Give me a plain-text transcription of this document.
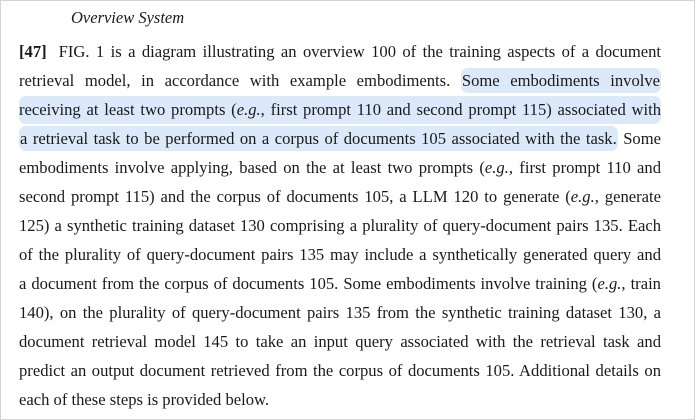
Overview System
[47] FIG. 1 is a diagram illustrating an overview 100 of the training aspects of a document
retrieval model, in accordance with example embodiments. Some embodiments involve
receiving at least two prompts (e.g., first prompt 110 and second prompt 115) associated with
a retrieval task to be performed on a corpus of documents 105 associated with the task. Some
embodiments involve applying, based on the at least two prompts (e.g., first prompt 110 and
second prompt 115) and the corpus of documents 105, a LLM 120 to generate (e.g., generate
125) a synthetic training dataset 130 comprising a plurality of query-document pairs 135. Each
of the plurality of query-document pairs 135 may include a synthetically generated query and
a document from the corpus of documents 105. Some embodiments involve training (e.g., train
140), on the plurality of query-document pairs 135 from the synthetic training dataset 130, a
document retrieval model 145 to take an input query associated with the retrieval task and
predict an output document retrieved from the corpus of documents 105. Additional details on
each of these steps is provided below.
